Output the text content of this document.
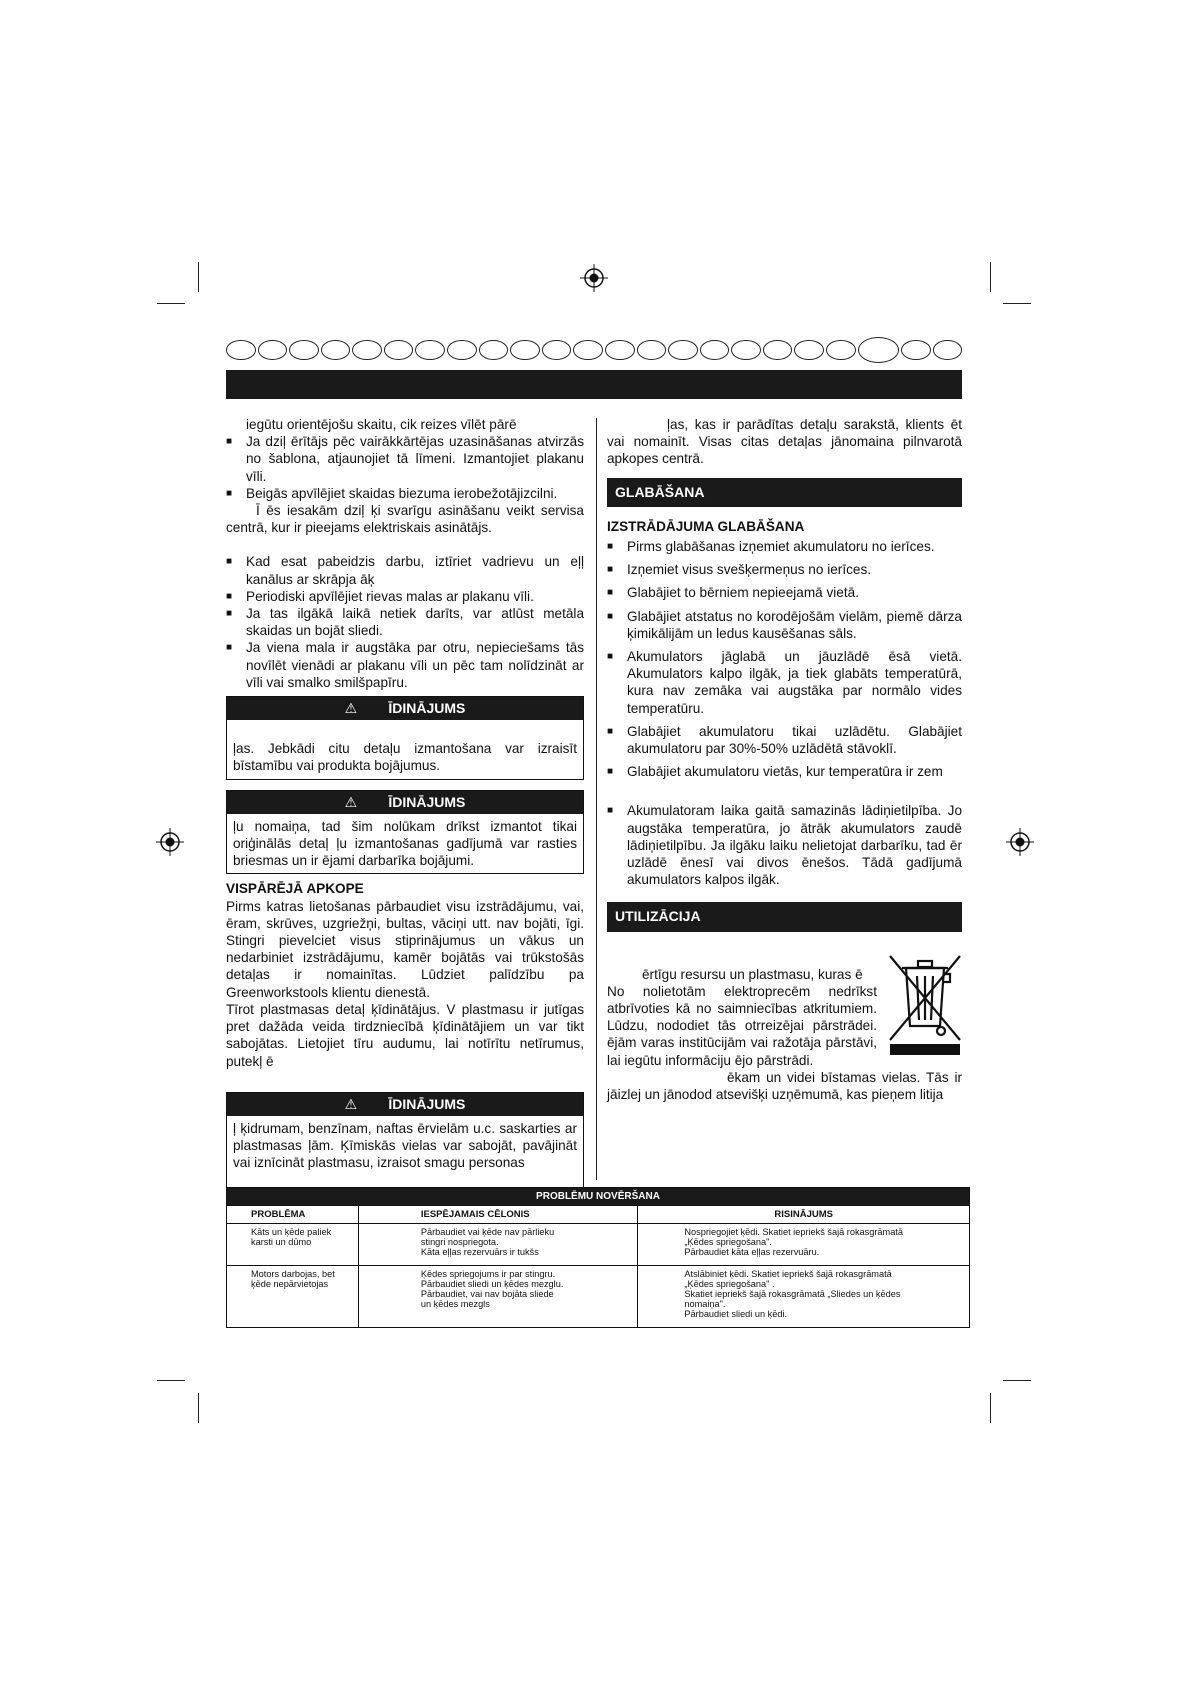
iegūtu orientējošu skaitu, cik reizes vīlēt pārē

■ Ja dziļ ērītājs pēc vairākkārtējas uzasināšanas atvirzās no šablona, atjaunojiet tā līmeni. Izmantojiet plakanu vīli.
■ Beigās apvīlējiet skaidas biezuma ierobežotājizcilni.

Ī ēs iesakām dziļ ķi svarīgu asināšanu veikt servisa centrā, kur ir pieejams elektriskais asinātājs.

■ Kad esat pabeidzis darbu, iztīriet vadrievu un eļļ kanālus ar skrāpja āķ
■ Periodiski apvīlējiet rievas malas ar plakanu vīli.
■ Ja tas ilgākā laikā netiek darīts, var atlūst metāla skaidas un bojāt sliedi.
■ Ja viena mala ir augstāka par otru, nepieciešams tās novīlēt vienādi ar plakanu vīli un pēc tam nolīdzināt ar vīli vai smalko smilšpapīru.
⚠ ĪDINĀJUMS
ļas. Jebkādi citu detaļu izmantošana var izraisīt bīstamību vai produkta bojājumus.
⚠ ĪDINĀJUMS
ļu nomaiņa, tad šim nolūkam drīkst izmantot tikai oriģinālās detaļ ļu izmantošanas gadījumā var rasties briesmas un ir ējami darbarīka bojājumi.

VISPĀRĒJĀ APKOPE

Pirms katras lietošanas pārbaudiet visu izstrādājumu, vai, ēram, skrūves, uzgriežņi, bultas, vāciņi utt. nav bojāti, īgi. Stingri pievelciet visus stiprinājumus un vākus un nedarbiniet izstrādājumu, kamēr bojātās vai trūkstošās detaļas ir nomainītas. Lūdziet palīdzību pa Greenworkstools klientu dienestā.

Tīrot plastmasas detaļ ķīdinātājus. V plastmasu ir jutīgas pret dažāda veida tirdzniecībā ķīdinātājiem un var tikt sabojātas. Lietojiet tīru audumu, lai notīrītu netīrumus, putekļ ē

⚠ ĪDINĀJUMS
ļ ķidrumam, benzīnam, naftas ērvielām u.c. saskarties ar plastmasas ļām. Ķīmiskās vielas var sabojāt, pavājināt vai iznīcināt plastmasu, izraisot smagu personas

ļas, kas ir parādītas detaļu sarakstā, klients ēt vai nomainīt. Visas citas detaļas jānomaina pilnvarotā apkopes centrā.

GLABĀŠANA

IZSTRĀDĀJUMA GLABĀŠANA

■ Pirms glabāšanas izņemiet akumulatoru no ierīces.
■ Izņemiet visus svešķermeņus no ierīces.
■ Glabājiet to bērniem nepieejamā vietā.
■ Glabājiet atstatus no korodējošām vielām, piemē dārza ķimikālijām un ledus kausēšanas sāls.
■ Akumulators jāglabā un jāuzlādē ēsā vietā. Akumulators kalpo ilgāk, ja tiek glabāts temperatūrā, kura nav zemāka vai augstāka par normālo vides temperatūru.
■ Glabājiet akumulatoru tikai uzlādētu. Glabājiet akumulatoru par 30%-50% uzlādētā stāvoklī.
■ Glabājiet akumulatoru vietās, kur temperatūra ir zem
■ Akumulatoram laika gaitā samazinās lādiņietilpība. Jo augstāka temperatūra, jo ātrāk akumulators zaudē lādiņietilpību. Ja ilgāku laiku nelietojat darbarīku, tad ēr uzlādē ēnesī vai divos ēnešos. Tādā gadījumā akumulators kalpos ilgāk.

UTILIZĀCIJA

ērtīgu resursu un plastmasu, kuras ē

No nolietotām elektroprecēm nedrīkst atbrīvoties kā no saimniecības atkritumiem. Lūdzu, nododiet tās otrreizējai pārstrādei. ējām varas institūcijām vai ražotāja pārstāvi, lai iegūtu informāciju ējo pārstrādi.

ēkam un videi bīstamas vielas. Tās ir jāizlej un jānodod atsevišķi uzņēmumā, kas pieņem litija

PROBLĒMU NOVĒRŠANA		
PROBLĒMA	IESPĒJAMAIS CĒLONIS	RISINĀJUMS

Kāts un ķēde paliek
karsti un dūmo	Pārbaudiet vai ķēde nav pārlieku
stingri nospriegota.
Kāta eļļas rezervuārs ir tukšs	Nospriegojiet ķēdi. Skatiet iepriekš šajā rokasgrāmatā
„Ķēdes spriegošana".
Pārbaudiet kāta eļļas rezervuāru.

Motors darbojas, bet
ķēde nepārvietojas	Ķēdes spriegojums ir par stingru.
Pārbaudiet sliedi un ķēdes mezglu.
Pārbaudiet, vai nav bojāta sliede
un ķēdes mezgls	Atslābiniet ķēdi. Skatiet iepriekš šajā rokasgrāmatā
„Ķēdes spriegošana" .
Skatiet iepriekš šajā rokasgrāmatā „Sliedes un ķēdes
nomaiņa".
Pārbaudiet sliedi un ķēdi.
